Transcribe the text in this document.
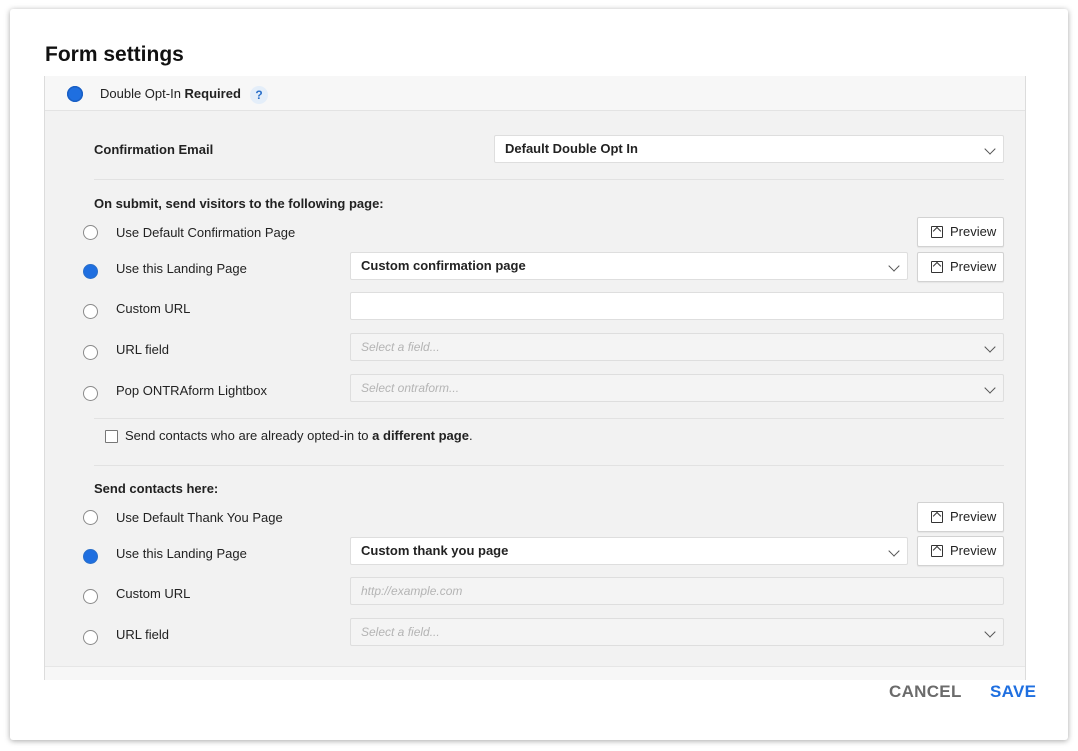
Form settings
Double Opt-In Required	?
Confirmation Email	Default Double Opt In
On submit, send visitors to the following page:
Use Default Confirmation Page	Preview
Use this Landing Page	Custom confirmation page	Preview
Custom URL
URL field	Select a field...
Pop ONTRAform Lightbox	Select ontraform...
Send contacts who are already opted-in to a different page.
Send contacts here:
Use Default Thank You Page	Preview
Use this Landing Page	Custom thank you page	Preview
Custom URL	http://example.com
URL field	Select a field...
CANCEL SAVE
